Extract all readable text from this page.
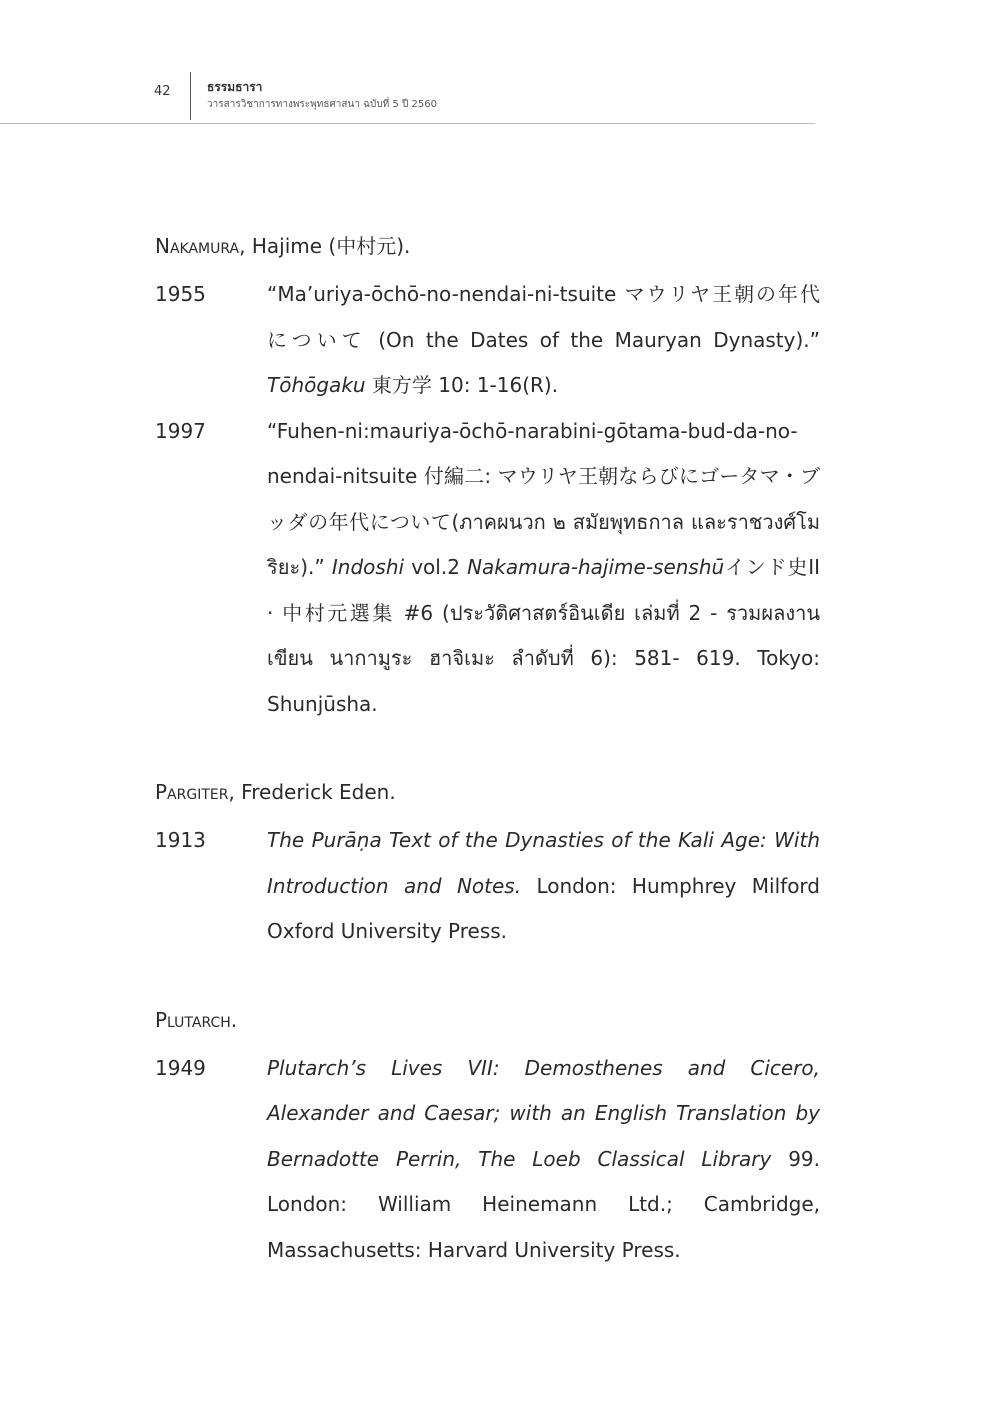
42	ธรรมธารา
วารสารวิชาการทางพระพุทธศาสนา ฉบับที่ 5 ปี 2560
Nakamura, Hajime (中村元).
1955	“Ma’uriya-ōchō-no-nendai-ni-tsuite マウリヤ王朝の年代について (On the Dates of the Mauryan Dynasty).” Tōhōgaku 東方学 10: 1-16(R).
1997	“Fuhen-ni:mauriya-ōchō-narabini-gōtama-bud-da-no-nendai-nitsuite 付編二: マウリヤ王朝ならびにゴータマ・ブッダの年代について(ภาคผนวก ๒ สมัยพุทธกาล และราชวงศ์โมริยะ).” Indoshi vol.2 Nakamura-hajime-senshūインド史II · 中村元選集 #6 (ประวัติศาสตร์อินเดีย เล่มที่ 2 - รวมผลงานเขียน นากามูระ ฮาจิเมะ ลำดับที่ 6): 581- 619. Tokyo: Shunjūsha.
Pargiter, Frederick Eden.
1913	The Purāṇa Text of the Dynasties of the Kali Age: With Introduction and Notes. London: Humphrey Milford Oxford University Press.
Plutarch.
1949	Plutarch’s Lives VII: Demosthenes and Cicero, Alexander and Caesar; with an English Translation by Bernadotte Perrin, The Loeb Classical Library 99. London: William Heinemann Ltd.; Cambridge, Massachusetts: Harvard University Press.
